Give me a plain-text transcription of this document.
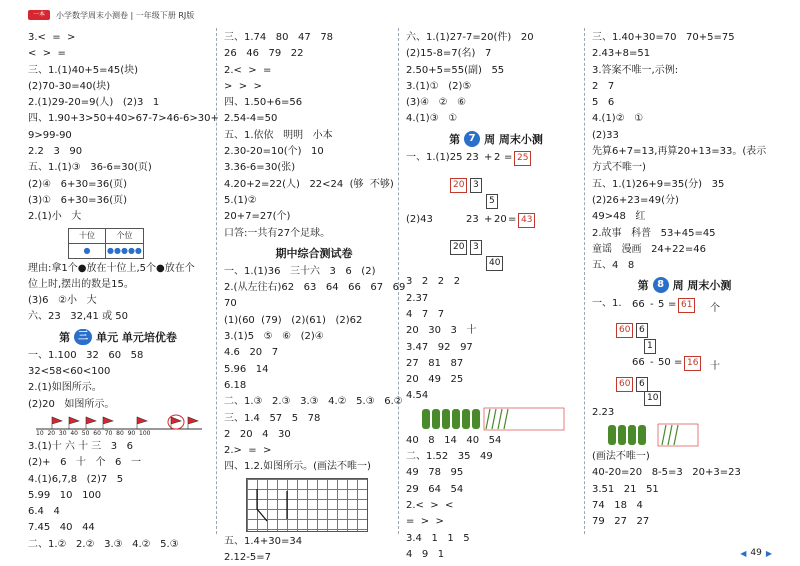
一本	小学数学周末小测卷 | 一年级下册 RJ版
3.<  =  >
<  >  =
三、1.(1)40+5=45(块)
(2)70-30=40(块)
2.(1)29-20=9(人)   (2)3   1
四、1.90+3>50+40>67-7>46-6>30+
9>99-90
2.2   3   90
五、1.(1)③   36-6=30(页)
(2)④   6+30=36(页)
(3)①   6+30=36(页)
2.(1)小   大
十位	个位
●	●●●●●
理由:拿1个●放在十位上,5个●放在个
位上时,摆出的数是15。
(3)6   ②小   大
六、23   32,41 或 50
第 三 单元 单元培优卷
一、1.100   32   60   58
32<58<60<100
2.(1)如图所示。
(2)20   如图所示。
10  20  30  40  50  60  70  80  90  100
3.(1)十 六 十 三   3   6
(2)+   6   十   个   6   一
4.(1)6,7,8   (2)7   5
5.99   10   100
6.4   4
7.45   40   44
二、1.②   2.②   3.③   4.②   5.③
三、1.74   80   47   78
26   46   79   22
2.<  >  =
>  >  >
四、1.50+6=56
2.54-4=50
五、1.依依   明明   小本
2.30-20=10(个)   10
3.36-6=30(张)
4.20+2=22(人)   22<24  (够  不够)
5.(1)②
20+7=27(个)
口答:一共有27个足球。
期中综合测试卷
一、1.(1)36   三十六   3   6   (2)
2.(从左往右)62   63   64   66   67   69
70
(1)(60  (79)   (2)(61)   (2)62
3.(1)5   ⑤   ⑥   (2)④
4.6   20   7
5.96   14
6.18
二、1.③   2.③   3.③   4.②   5.③   6.②
三、1.4   57   5   78
2   20   4   30
2.>  =  >
四、1.2.如图所示。(画法不唯一)
五、1.4+30=34
2.12-5=7
六、1.(1)27-7=20(件)   20
(2)15-8=7(名)   7
2.50+5=55(副)   55
3.(1)①   (2)⑤
(3)④   ②   ⑥
4.(1)③   ①
第 7 周 周末小测
一、1.(1)25 23 + 2 = 25
20 3
5
(2)43	23 + 20 = 43
20 3
40
3   2   2   2
2.37
4   7   7
20   30   3   十
3.47   92   97
27   81   87
20   49   25
4.54
40   8   14   40   54
二、1.52   35   49
49   78   95
29   64   54
2.<  >  <
=  >  >
3.4   1   1   5
4   9   1
三、1.40+30=70   70+5=75
2.43+8=51
3.答案不唯一,示例:
2   7
5   6
4.(1)②   ①
(2)33
先算6+7=13,再算20+13=33。(表示
方式不唯一)
五、1.(1)26+9=35(分)   35
(2)26+23=49(分)
49>48   红
2.故事   科普   53+45=45
童谣   漫画   24+22=46
五、4   8
第 8 周 周末小测
一、1.	66 - 5 = 61	个
60 6
1
66 - 50 = 16	十
60 6
10
2.23
(画法不唯一)
40-20=20   8-5=3   20+3=23
3.51   21   51
74   18   4
79   27   27
◀ 49 ▶
